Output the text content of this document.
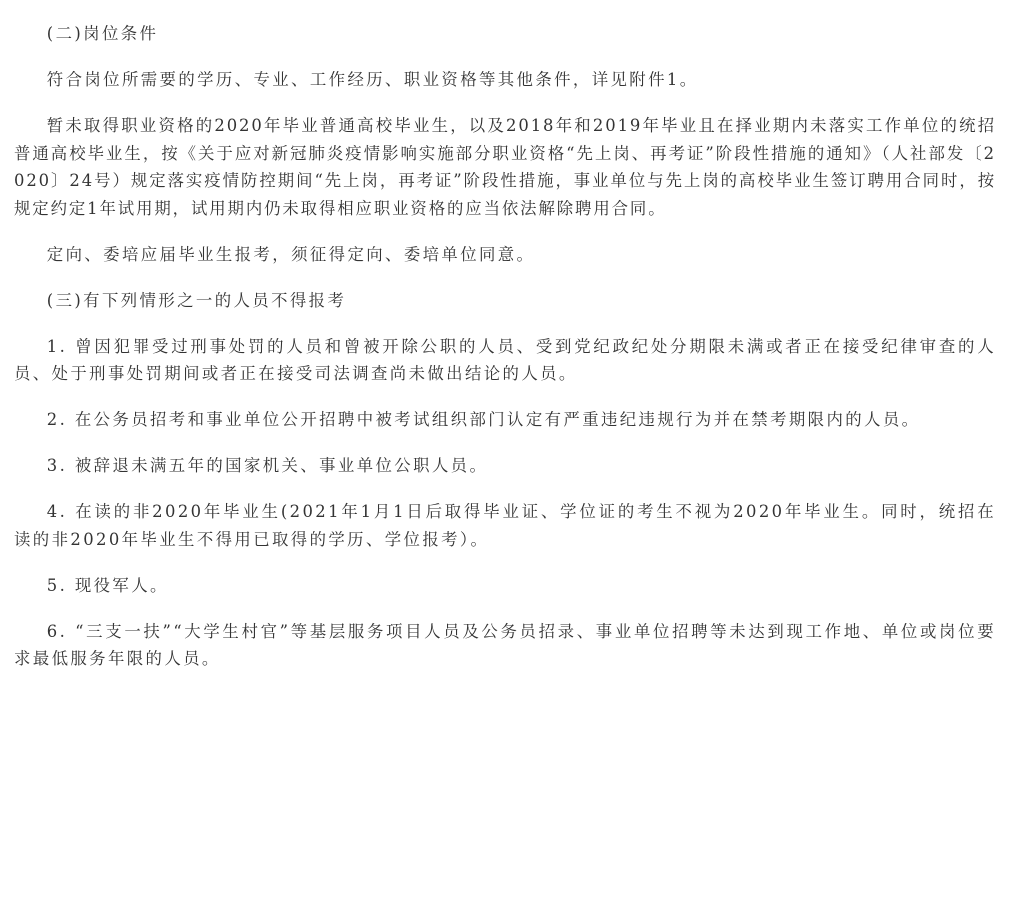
(二)岗位条件

符合岗位所需要的学历、专业、工作经历、职业资格等其他条件，详见附件1。

暂未取得职业资格的2020年毕业普通高校毕业生，以及2018年和2019年毕业且在择业期内未落实工作单位的统招普通高校毕业生，按《关于应对新冠肺炎疫情影响实施部分职业资格“先上岗、再考证”阶段性措施的通知》（人社部发〔2020〕24号）规定落实疫情防控期间“先上岗，再考证”阶段性措施，事业单位与先上岗的高校毕业生签订聘用合同时，按规定约定1年试用期，试用期内仍未取得相应职业资格的应当依法解除聘用合同。

定向、委培应届毕业生报考，须征得定向、委培单位同意。

(三)有下列情形之一的人员不得报考

1. 曾因犯罪受过刑事处罚的人员和曾被开除公职的人员、受到党纪政纪处分期限未满或者正在接受纪律审查的人员、处于刑事处罚期间或者正在接受司法调查尚未做出结论的人员。

2. 在公务员招考和事业单位公开招聘中被考试组织部门认定有严重违纪违规行为并在禁考期限内的人员。

3. 被辞退未满五年的国家机关、事业单位公职人员。

4. 在读的非2020年毕业生(2021年1月1日后取得毕业证、学位证的考生不视为2020年毕业生。同时，统招在读的非2020年毕业生不得用已取得的学历、学位报考）。

5. 现役军人。

6. “三支一扶”“大学生村官”等基层服务项目人员及公务员招录、事业单位招聘等未达到现工作地、单位或岗位要求最低服务年限的人员。
